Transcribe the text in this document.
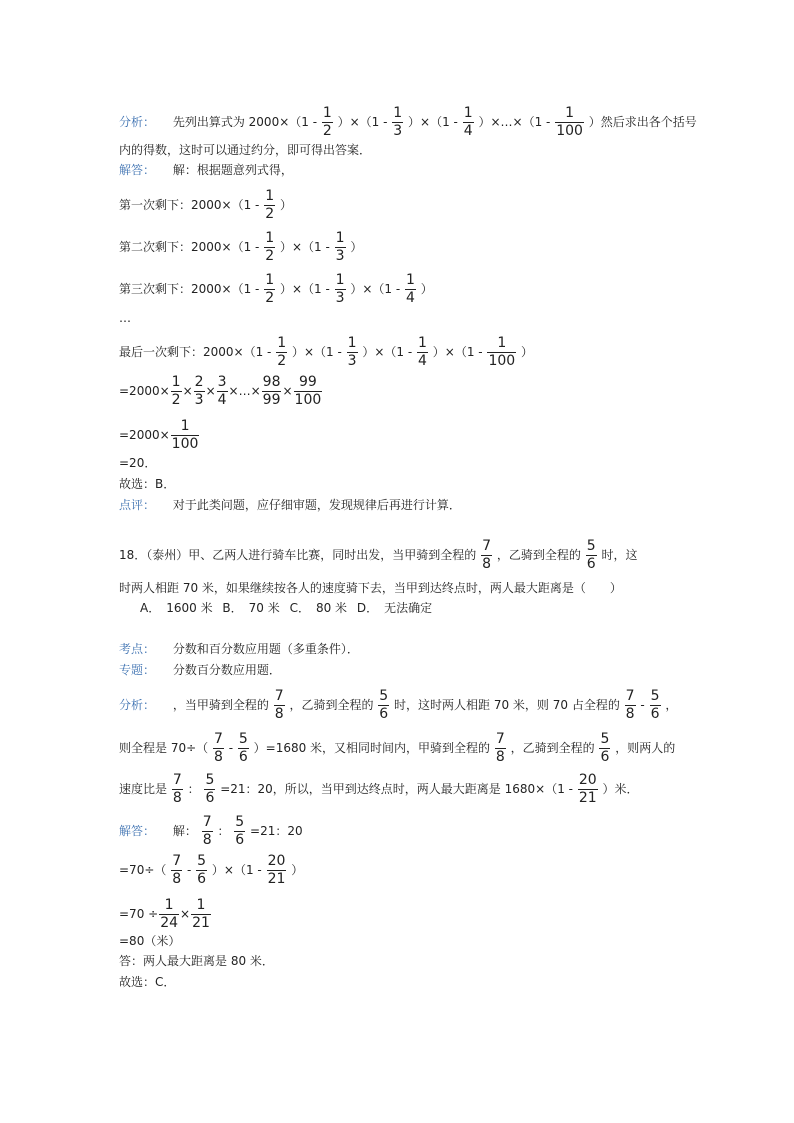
分析： 先列出算式为 $2000\times(1 - \frac{1}{2} )\times(1 - \frac{1}{3} )\times(1 - \frac{1}{4}$ ）×…×（1 - $\frac{1}{100}$ ）然后求出各个括号
内的得数，这时可以通过约分，即可得出答案．
解答： 解：根据题意列式得，
第一次剩下：$2000\times(1 - \frac{1}{2}$ ）
第二次剩下：$2000\times(1 - \frac{1}{2} )\times(1 - \frac{1}{3}$ ）
第三次剩下：$2000\times(1 - \frac{1}{2} )\times(1 - \frac{1}{3} )\times(1 - \frac{1}{4}$ ）
…
最后一次剩下：$2000\times(1 - \frac{1}{2} )\times(1 - \frac{1}{3} )\times(1 - \frac{1}{4} )\times(1 - \frac{1}{100}$ ）
$=2000\times \frac{1}{2} \times \frac{2}{3} \times \frac{3}{4}$ ×…× $\frac{98}{99} \times \frac{99}{100}$
$=2000\times \frac{1}{100}$
=20．
故选：B．
点评： 对于此类问题，应仔细审题，发现规律后再进行计算．
18．（泰州）甲、乙两人进行骑车比赛，同时出发，当甲骑到全程的 $\frac{7}{8}$ ，乙骑到全程的 $\frac{5}{6}$ 时，这
时两人相距 70 米，如果继续按各人的速度骑下去，当甲到达终点时，两人最大距离是（　　）
A．　1600 米 B．　70 米 C．　80 米 D．　无法确定
考点： 分数和百分数应用题（多重条件）．
专题： 分数百分数应用题．
分析： ，当甲骑到全程的 $\frac{7}{8}$ ，乙骑到全程的 $\frac{5}{6}$ 时，这时两人相距 70 米，则 70 占全程的 $\frac{7}{8} - \frac{5}{6}$ ，
则全程是 $70\div( \frac{7}{8} - \frac{5}{6} )=1680$ 米，又相同时间内，甲骑到全程的 $\frac{7}{8}$ ，乙骑到全程的 $\frac{5}{6}$ ，则两人的
速度比是 $\frac{7}{8}$ ： $\frac{5}{6} =21$：20，所以，当甲到达终点时，两人最大距离是 $1680\times(1 - \frac{20}{21}$ ）米．
解答： 解： $\frac{7}{8}$ ： $\frac{5}{6} =21$：20
$=70\div( \frac{7}{8} - \frac{5}{6} )\times(1 - \frac{20}{21}$ ）
$=70 \div \frac{1}{24} \times \frac{1}{21}$
=80（米）
答：两人最大距离是 80 米．
故选：C．
